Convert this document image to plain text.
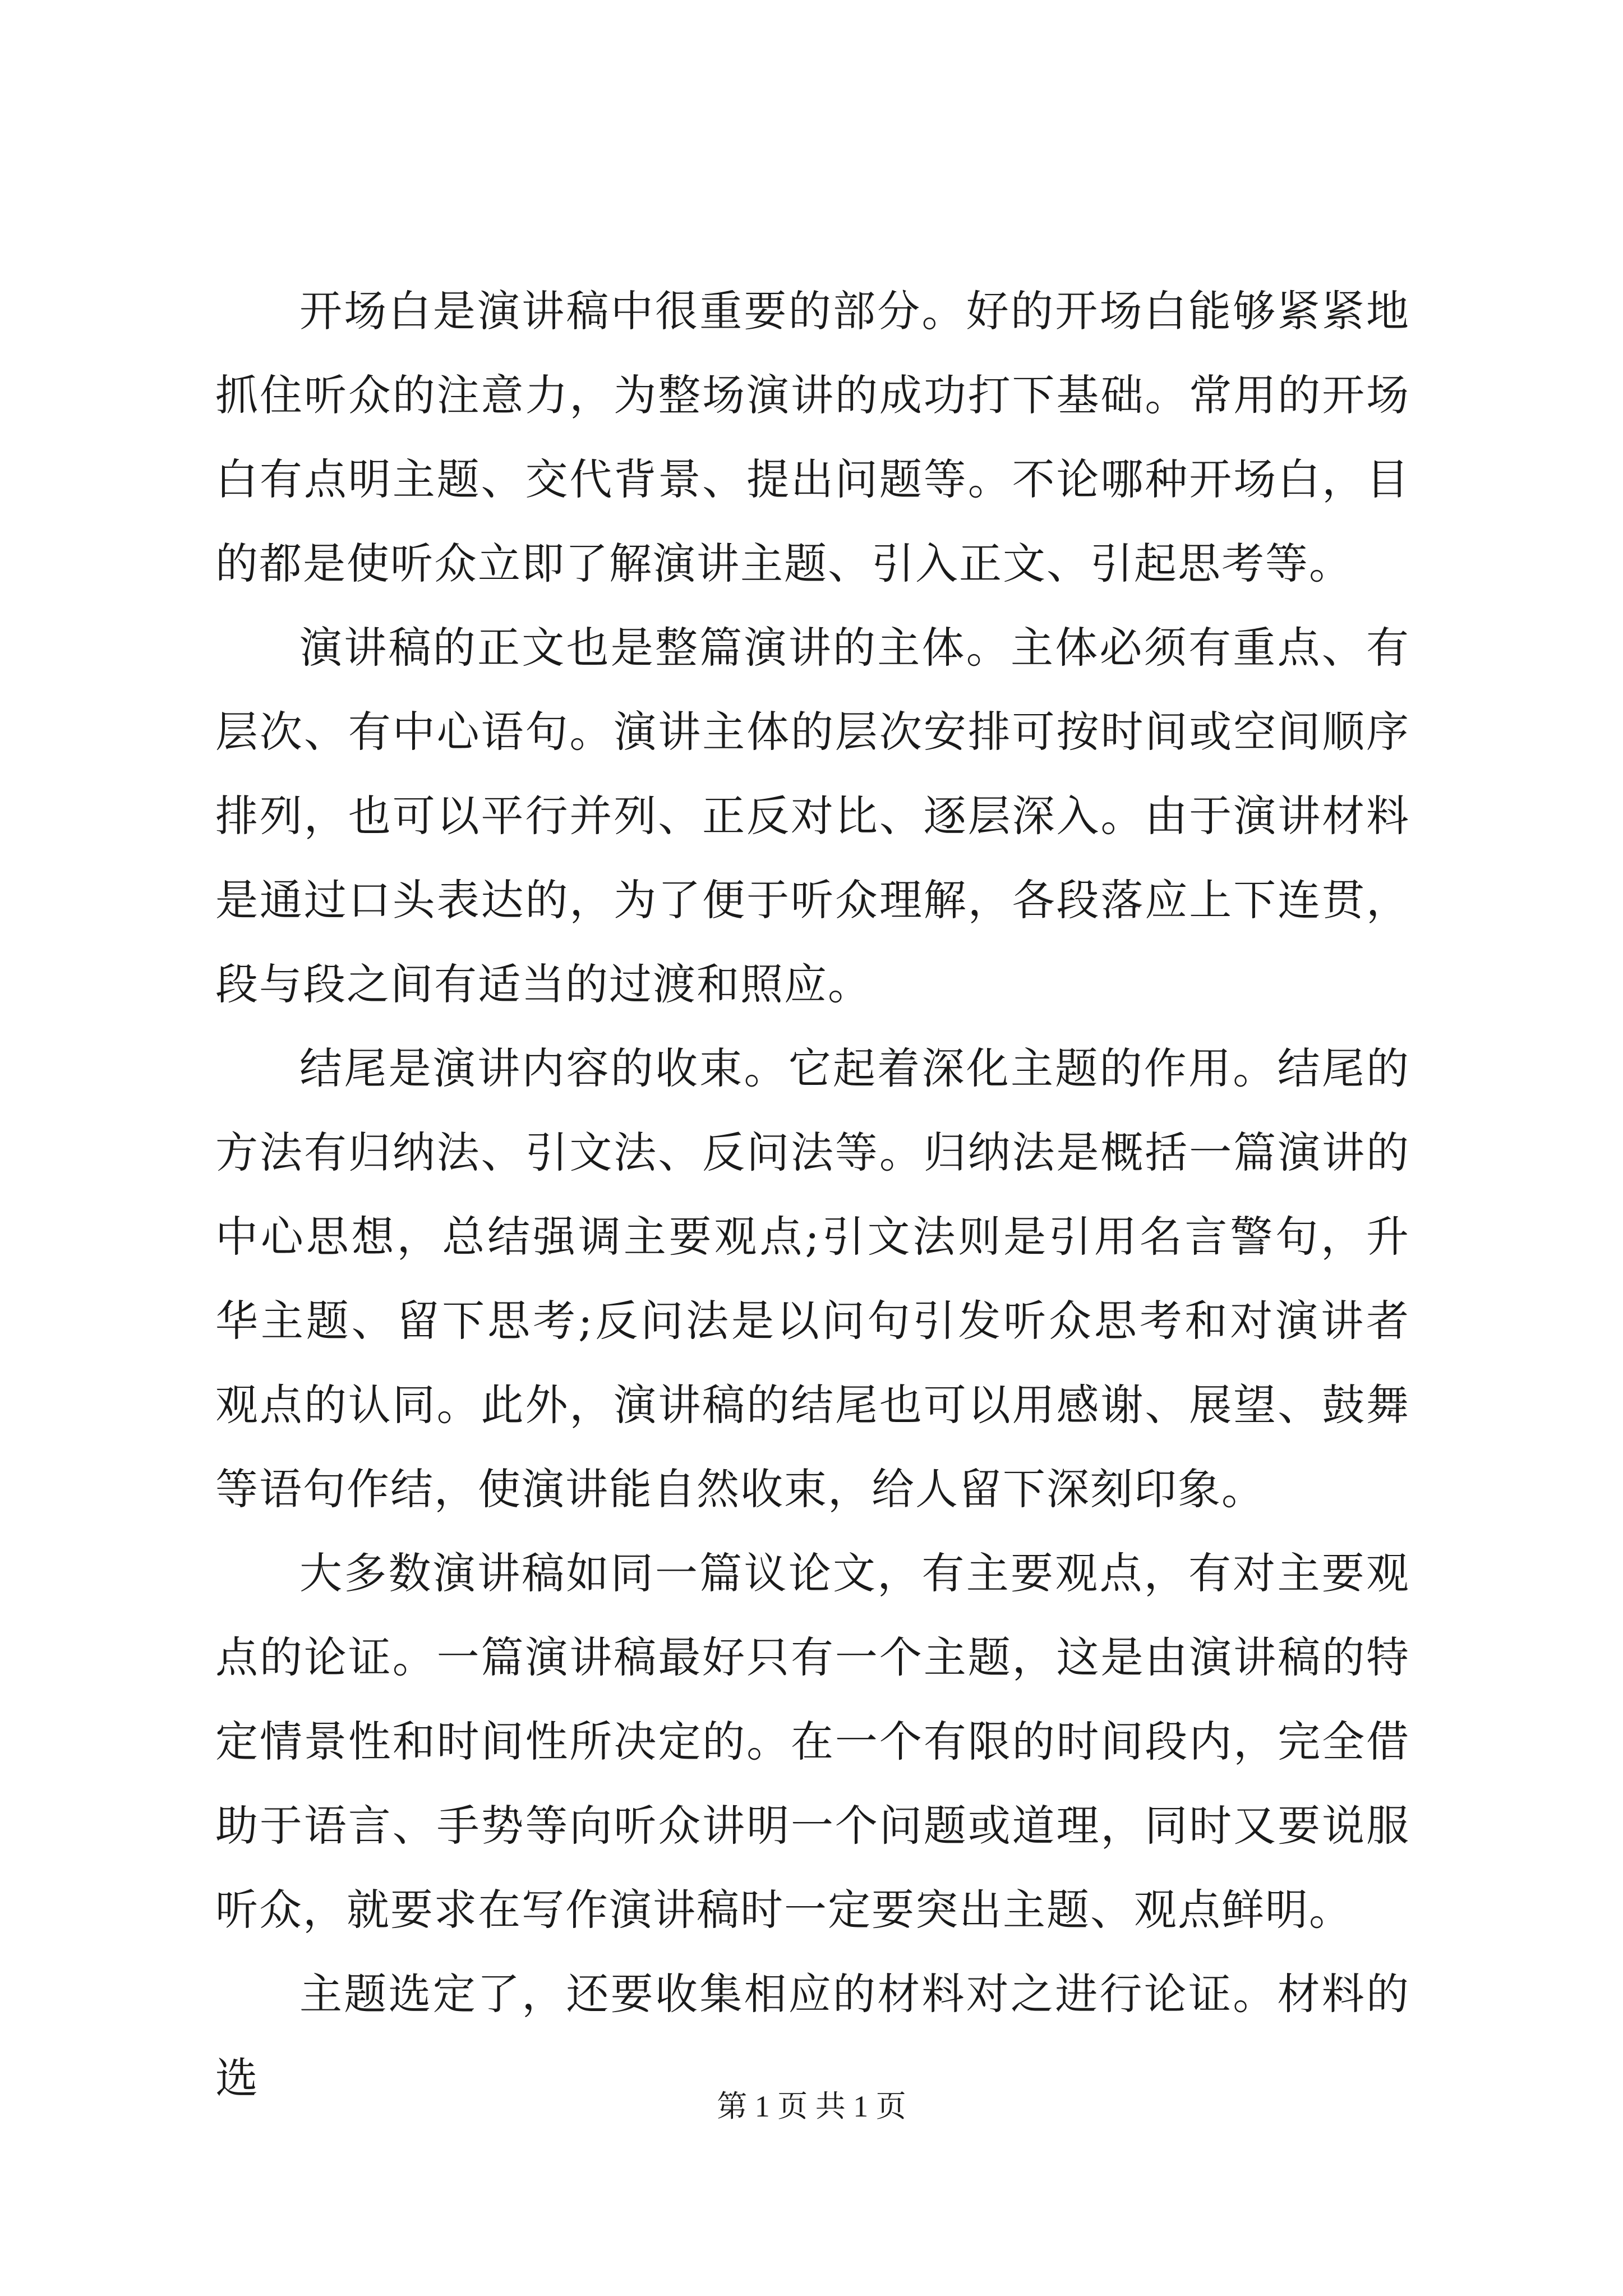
开场白是演讲稿中很重要的部分。好的开场白能够紧紧地抓住听众的注意力，为整场演讲的成功打下基础。常用的开场白有点明主题、交代背景、提出问题等。不论哪种开场白，目的都是使听众立即了解演讲主题、引入正文、引起思考等。

演讲稿的正文也是整篇演讲的主体。主体必须有重点、有层次、有中心语句。演讲主体的层次安排可按时间或空间顺序排列，也可以平行并列、正反对比、逐层深入。由于演讲材料是通过口头表达的，为了便于听众理解，各段落应上下连贯，段与段之间有适当的过渡和照应。

结尾是演讲内容的收束。它起着深化主题的作用。结尾的方法有归纳法、引文法、反问法等。归纳法是概括一篇演讲的中心思想，总结强调主要观点;引文法则是引用名言警句，升华主题、留下思考;反问法是以问句引发听众思考和对演讲者观点的认同。此外，演讲稿的结尾也可以用感谢、展望、鼓舞等语句作结，使演讲能自然收束，给人留下深刻印象。

大多数演讲稿如同一篇议论文，有主要观点，有对主要观点的论证。一篇演讲稿最好只有一个主题，这是由演讲稿的特定情景性和时间性所决定的。在一个有限的时间段内，完全借助于语言、手势等向听众讲明一个问题或道理，同时又要说服听众，就要求在写作演讲稿时一定要突出主题、观点鲜明。

主题选定了，还要收集相应的材料对之进行论证。材料的选

第 1 页 共 1 页
